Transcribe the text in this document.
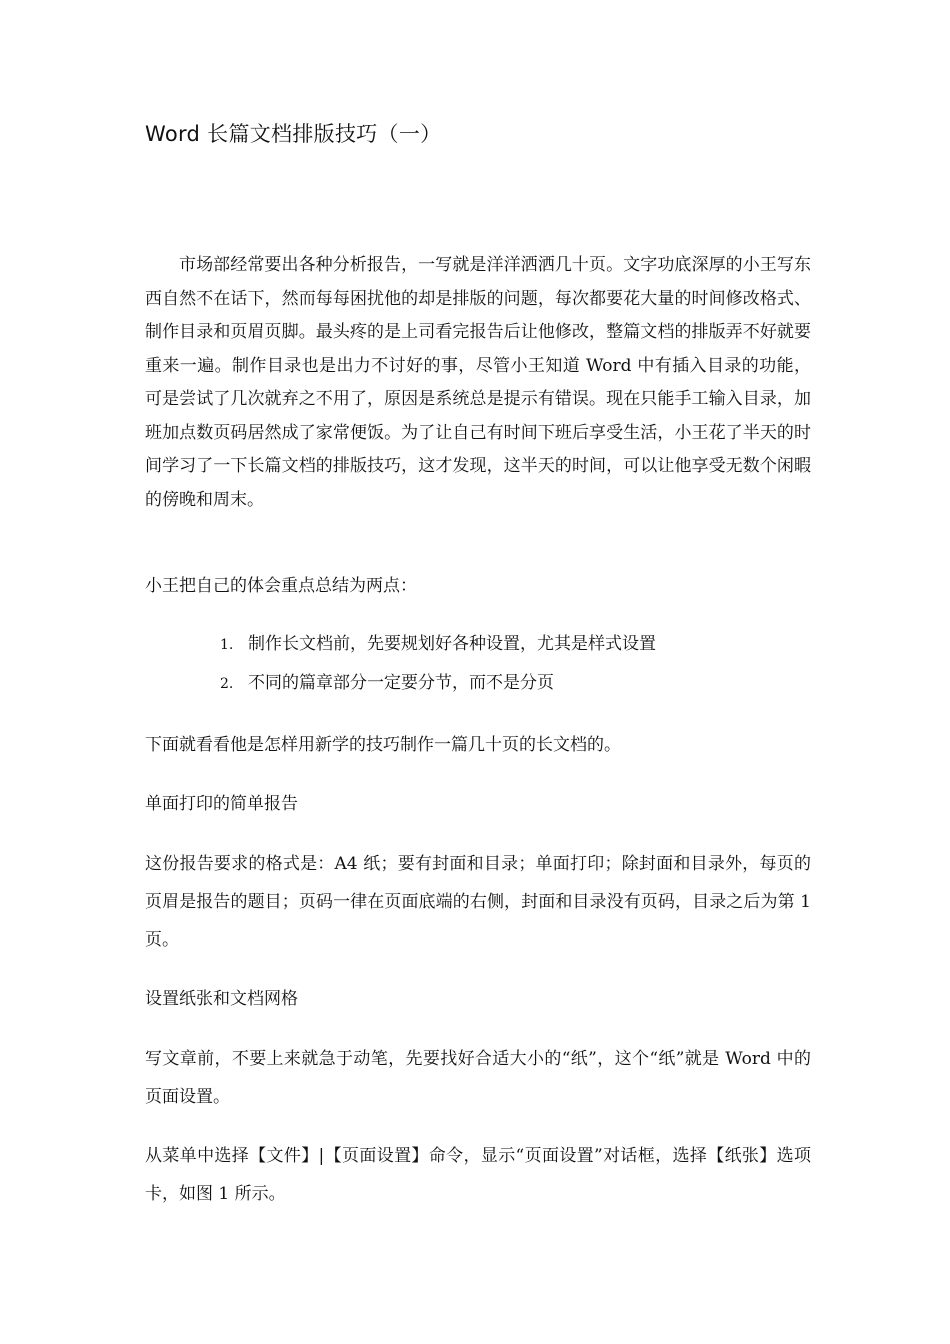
Word 长篇文档排版技巧（一）
市场部经常要出各种分析报告，一写就是洋洋洒洒几十页。文字功底深厚的小王写东西自然不在话下，然而每每困扰他的却是排版的问题，每次都要花大量的时间修改格式、制作目录和页眉页脚。最头疼的是上司看完报告后让他修改，整篇文档的排版弄不好就要重来一遍。制作目录也是出力不讨好的事，尽管小王知道 Word 中有插入目录的功能，可是尝试了几次就弃之不用了，原因是系统总是提示有错误。现在只能手工输入目录，加班加点数页码居然成了家常便饭。为了让自己有时间下班后享受生活，小王花了半天的时间学习了一下长篇文档的排版技巧，这才发现，这半天的时间，可以让他享受无数个闲暇的傍晚和周末。
小王把自己的体会重点总结为两点：
1. 制作长文档前，先要规划好各种设置，尤其是样式设置
2. 不同的篇章部分一定要分节，而不是分页
下面就看看他是怎样用新学的技巧制作一篇几十页的长文档的。
单面打印的简单报告
这份报告要求的格式是：A4 纸；要有封面和目录；单面打印；除封面和目录外，每页的页眉是报告的题目；页码一律在页面底端的右侧，封面和目录没有页码，目录之后为第 1 页。
设置纸张和文档网格
写文章前，不要上来就急于动笔，先要找好合适大小的“纸”，这个“纸”就是 Word 中的页面设置。
从菜单中选择【文件】|【页面设置】命令，显示“页面设置”对话框，选择【纸张】选项卡，如图 1 所示。
